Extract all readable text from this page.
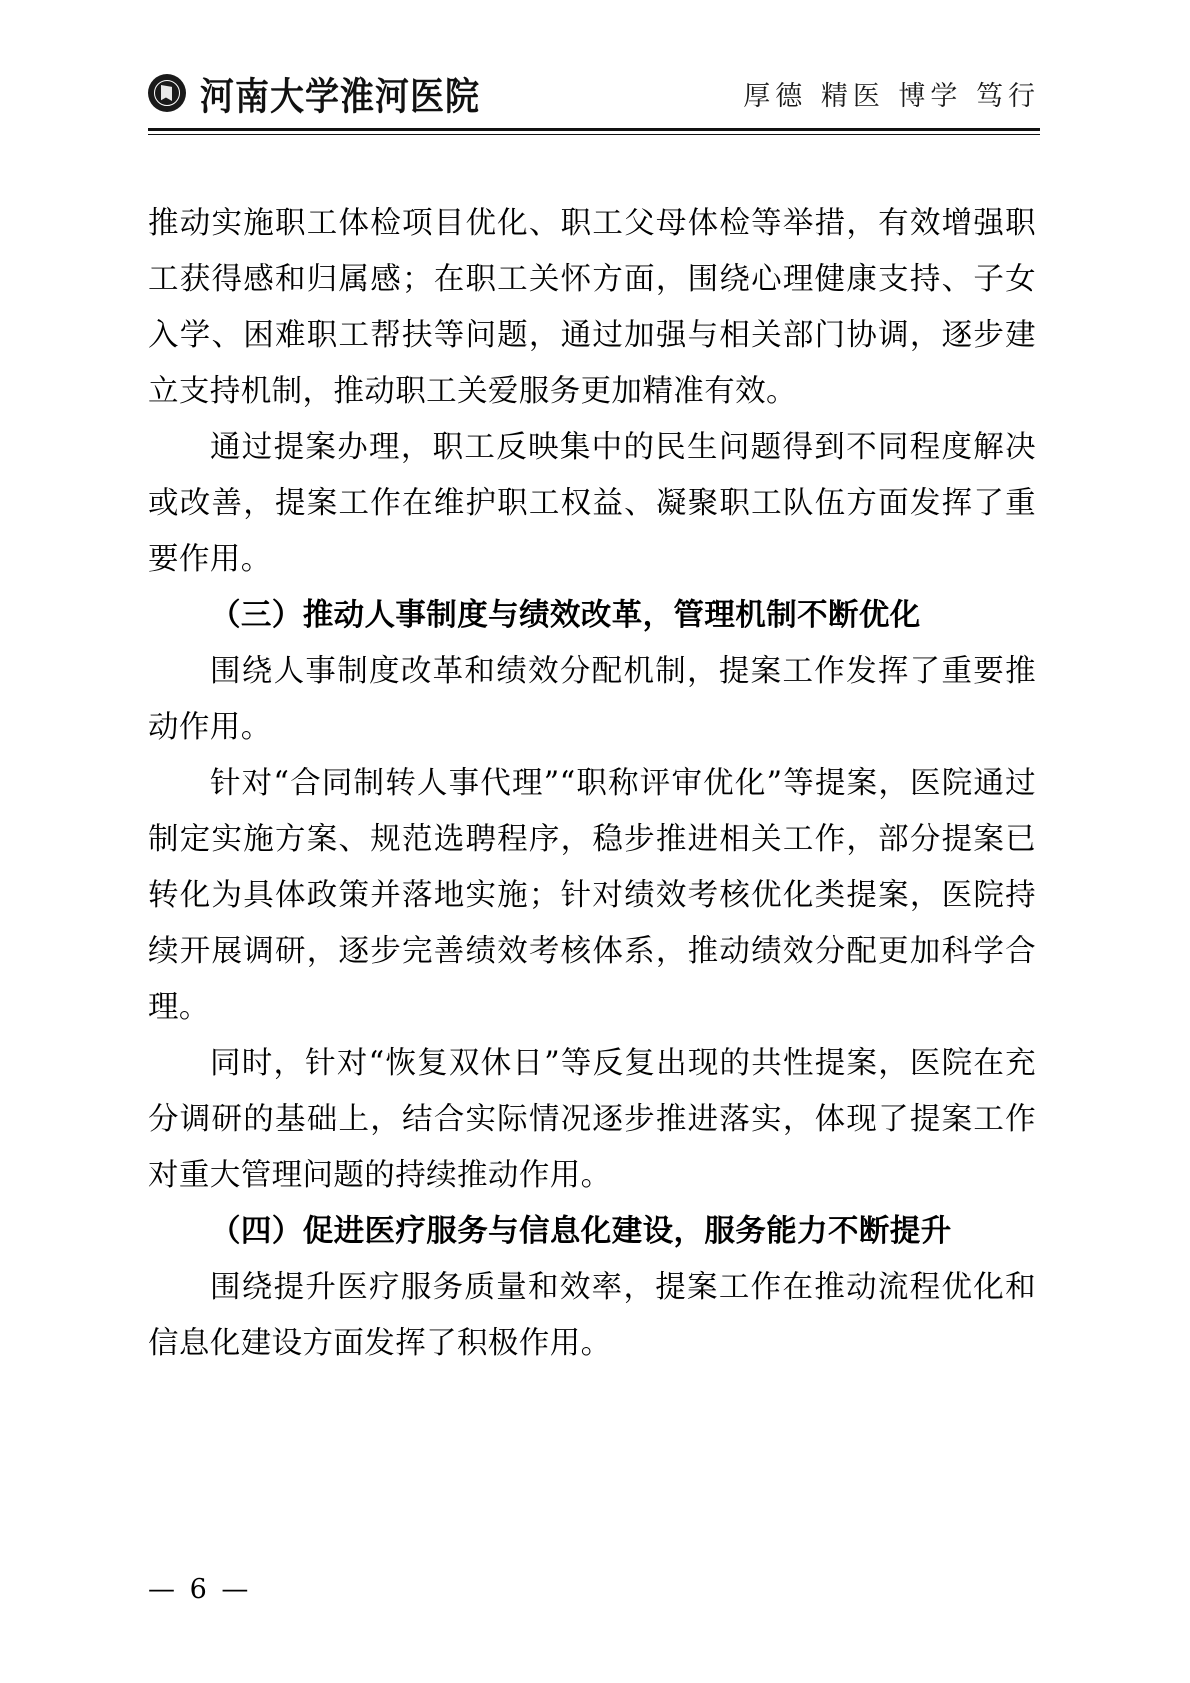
河南大学淮河医院	厚德 精医 博学 笃行

推动实施职工体检项目优化、职工父母体检等举措，有效增强职工获得感和归属感；在职工关怀方面，围绕心理健康支持、子女入学、困难职工帮扶等问题，通过加强与相关部门协调，逐步建立支持机制，推动职工关爱服务更加精准有效。

通过提案办理，职工反映集中的民生问题得到不同程度解决或改善，提案工作在维护职工权益、凝聚职工队伍方面发挥了重要作用。

（三）推动人事制度与绩效改革，管理机制不断优化

围绕人事制度改革和绩效分配机制，提案工作发挥了重要推动作用。

针对“合同制转人事代理”“职称评审优化”等提案，医院通过制定实施方案、规范选聘程序，稳步推进相关工作，部分提案已转化为具体政策并落地实施；针对绩效考核优化类提案，医院持续开展调研，逐步完善绩效考核体系，推动绩效分配更加科学合理。

同时，针对“恢复双休日”等反复出现的共性提案，医院在充分调研的基础上，结合实际情况逐步推进落实，体现了提案工作对重大管理问题的持续推动作用。

（四）促进医疗服务与信息化建设，服务能力不断提升

围绕提升医疗服务质量和效率，提案工作在推动流程优化和信息化建设方面发挥了积极作用。

— 6 —
